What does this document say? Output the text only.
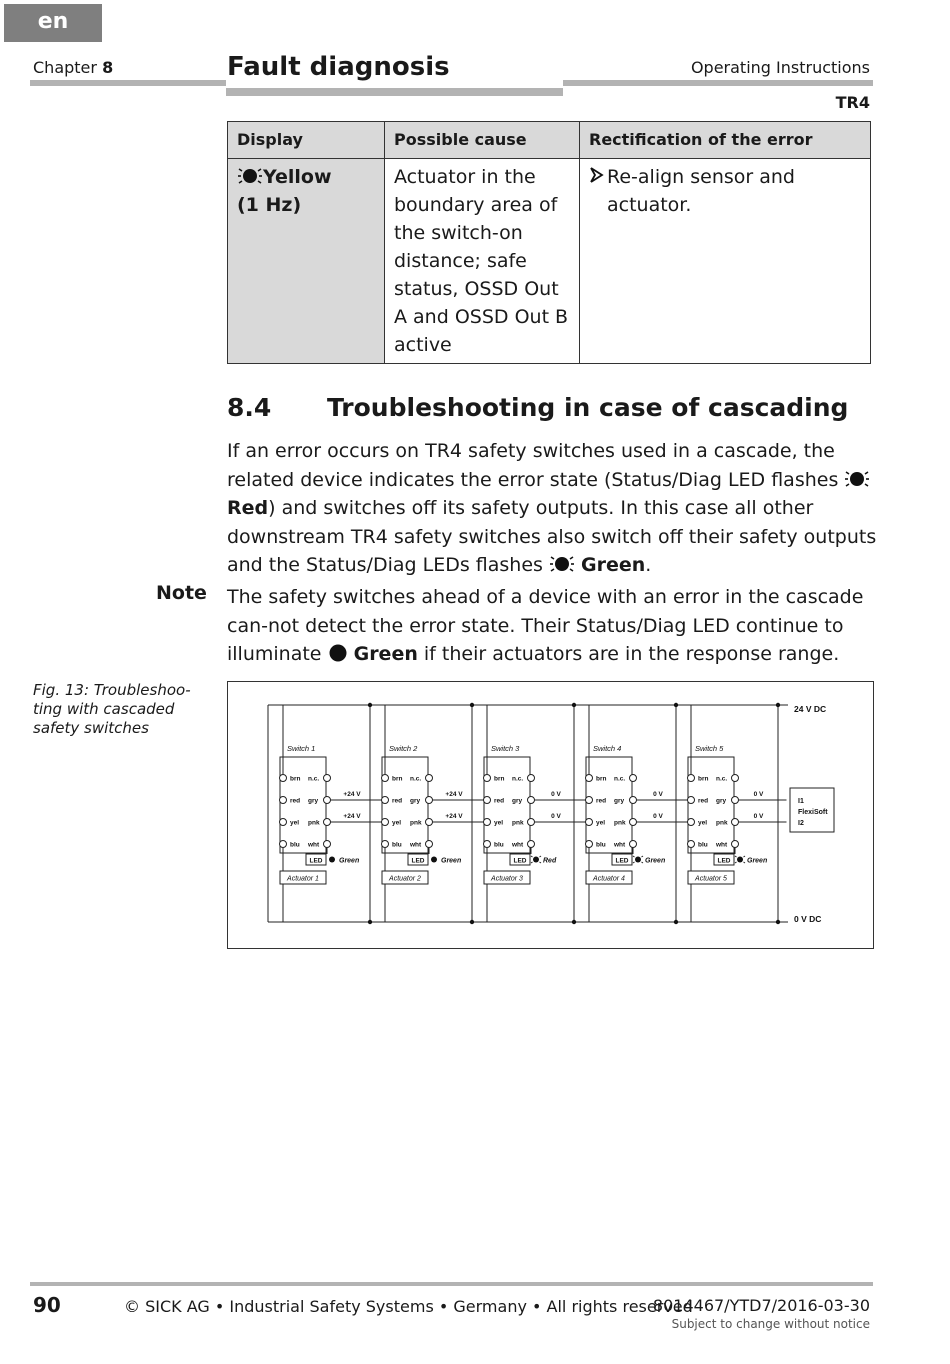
en
Chapter 8	Fault diagnosis	Operating Instructions
TR4
Display	Possible cause	Rectification of the error
Yellow
(1 Hz)	Actuator in the boundary area of the switch-on distance; safe status, OSSD Out A and OSSD Out B active	Re-align sensor and actuator.
8.4 Troubleshooting in case of cascading
If an error occurs on TR4 safety switches used in a cascade, the related device indicates the error state (Status/Diag LED flashes  Red) and switches off its safety outputs. In this case all other downstream TR4 safety switches also switch off their safety outputs and the Status/Diag LEDs flashes Green.
Note The safety switches ahead of a device with an error in the cascade can-not detect the error state. Their Status/Diag LED continue to illuminate Green if their actuators are in the response range.
Fig. 13: Troubleshoo-ting with cascaded safety switches
24 V DC
0 V DC
Switch 1
brn n.c.
red gry
yel pnk
blu wht
LED Green
Actuator 1
+24 V
+24 V
Switch 2
brn n.c.
red gry
yel pnk
blu wht
LED Green
Actuator 2
+24 V
+24 V
Switch 3
brn n.c.
red gry
yel pnk
blu wht
LED Red
Actuator 3
0 V
0 V
Switch 4
brn n.c.
red gry
yel pnk
blu wht
LED Green
Actuator 4
0 V
0 V
Switch 5
brn n.c.
red gry
yel pnk
blu wht
LED Green
Actuator 5
0 V
0 V
I1
FlexiSoft
I2
90	© SICK AG • Industrial Safety Systems • Germany • All rights reserved
8014467/YTD7/2016-03-30
Subject to change without notice
